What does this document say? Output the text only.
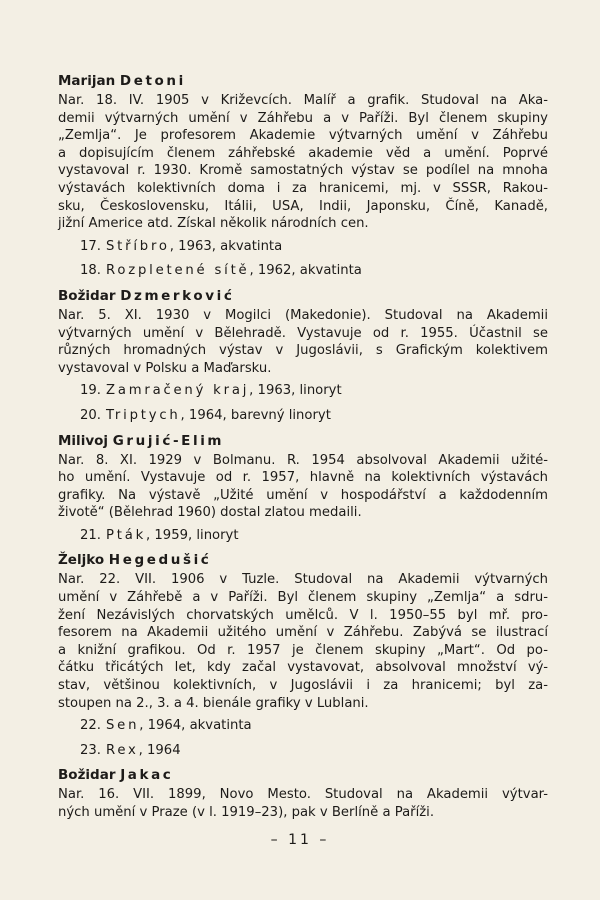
Marijan Detoni
Nar. 18. IV. 1905 v Križevcích. Malíř a grafik. Studoval na Aka-
demii výtvarných umění v Záhřebu a v Paříži. Byl členem skupiny
„Zemlja“. Je profesorem Akademie výtvarných umění v Záhřebu
a dopisujícím členem záhřebské akademie věd a umění. Poprvé
vystavoval r. 1930. Kromě samostatných výstav se podílel na mnoha
výstavách kolektivních doma i za hranicemi, mj. v SSSR, Rakou-
sku, Československu, Itálii, USA, Indii, Japonsku, Číně, Kanadě,
jižní Americe atd. Získal několik národních cen.
17. Stříbro, 1963, akvatinta
18. Rozpletené sítě, 1962, akvatinta
Božidar Dzmerković
Nar. 5. XI. 1930 v Mogilci (Makedonie). Studoval na Akademii
výtvarných umění v Bělehradě. Vystavuje od r. 1955. Účastnil se
různých hromadných výstav v Jugoslávii, s Grafickým kolektivem
vystavoval v Polsku a Maďarsku.
19. Zamračený kraj, 1963, linoryt
20. Triptych, 1964, barevný linoryt
Milivoj Grujić-Elim
Nar. 8. XI. 1929 v Bolmanu. R. 1954 absolvoval Akademii užité-
ho umění. Vystavuje od r. 1957, hlavně na kolektivních výstavách
grafiky. Na výstavě „Užité umění v hospodářství a každodenním
životě“ (Bělehrad 1960) dostal zlatou medaili.
21. Pták, 1959, linoryt
Željko Hegedušić
Nar. 22. VII. 1906 v Tuzle. Studoval na Akademii výtvarných
umění v Záhřebě a v Paříži. Byl členem skupiny „Zemlja“ a sdru-
žení Nezávislých chorvatských umělců. V l. 1950–55 byl mř. pro-
fesorem na Akademii užitého umění v Záhřebu. Zabývá se ilustrací
a knižní grafikou. Od r. 1957 je členem skupiny „Mart“. Od po-
čátku třicátých let, kdy začal vystavovat, absolvoval množství vý-
stav, většinou kolektivních, v Jugoslávii i za hranicemi; byl za-
stoupen na 2., 3. a 4. bienále grafiky v Lublani.
22. Sen, 1964, akvatinta
23. Rex, 1964
Božidar Jakac
Nar. 16. VII. 1899, Novo Mesto. Studoval na Akademii výtvar-
ných umění v Praze (v l. 1919–23), pak v Berlíně a Paříži.
– 11 –
